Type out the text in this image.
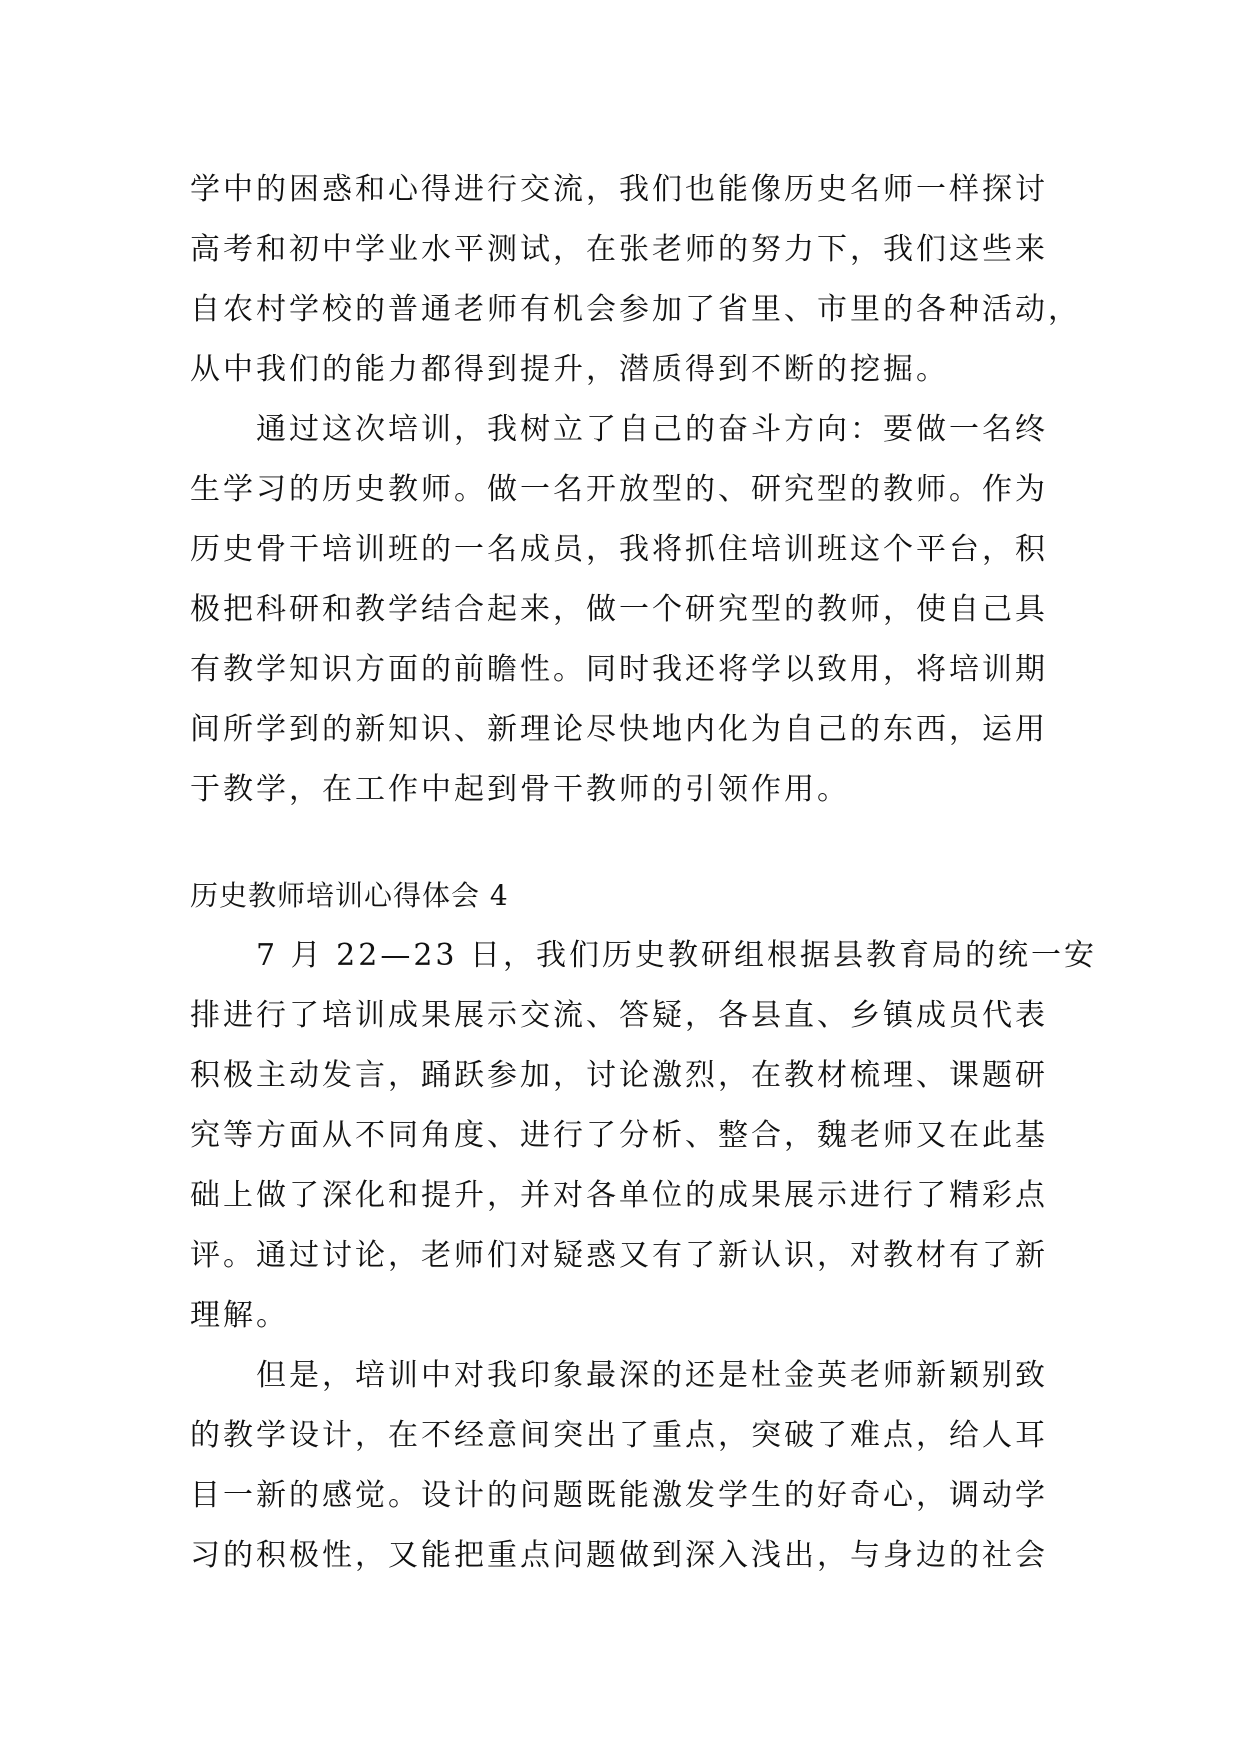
学中的困惑和心得进行交流，我们也能像历史名师一样探讨
高考和初中学业水平测试，在张老师的努力下，我们这些来
自农村学校的普通老师有机会参加了省里、市里的各种活动，
从中我们的能力都得到提升，潜质得到不断的挖掘。
通过这次培训，我树立了自己的奋斗方向：要做一名终
生学习的历史教师。做一名开放型的、研究型的教师。作为
历史骨干培训班的一名成员，我将抓住培训班这个平台，积
极把科研和教学结合起来，做一个研究型的教师，使自己具
有教学知识方面的前瞻性。同时我还将学以致用，将培训期
间所学到的新知识、新理论尽快地内化为自己的东西，运用
于教学，在工作中起到骨干教师的引领作用。
历史教师培训心得体会 4
7 月 22—23 日，我们历史教研组根据县教育局的统一安
排进行了培训成果展示交流、答疑，各县直、乡镇成员代表
积极主动发言，踊跃参加，讨论激烈，在教材梳理、课题研
究等方面从不同角度、进行了分析、整合，魏老师又在此基
础上做了深化和提升，并对各单位的成果展示进行了精彩点
评。通过讨论，老师们对疑惑又有了新认识，对教材有了新
理解。
但是，培训中对我印象最深的还是杜金英老师新颖别致
的教学设计，在不经意间突出了重点，突破了难点，给人耳
目一新的感觉。设计的问题既能激发学生的好奇心，调动学
习的积极性，又能把重点问题做到深入浅出，与身边的社会
